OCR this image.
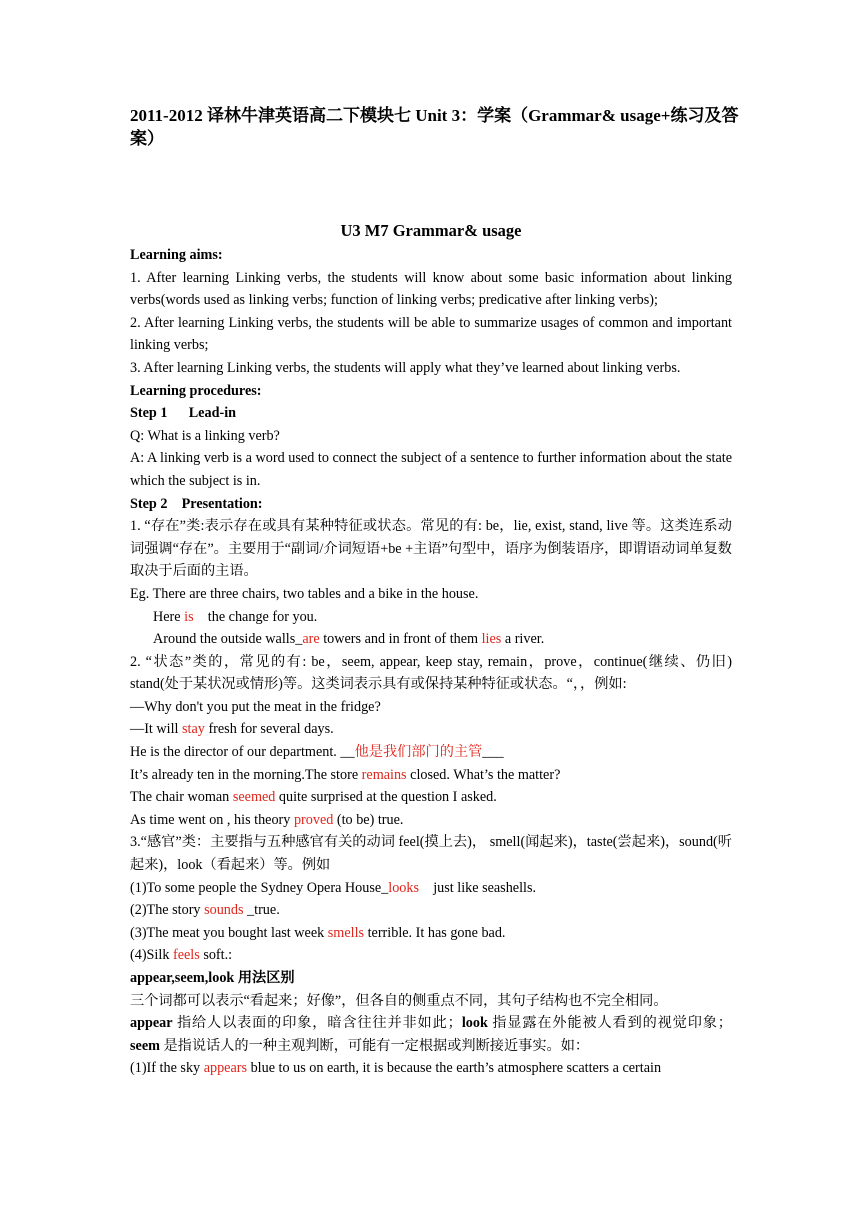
2011-2012 译林牛津英语高二下模块七 Unit 3：学案（Grammar& usage+练习及答案）

U3 M7 Grammar& usage

Learning aims:

1. After learning Linking verbs, the students will know about some basic information about linking verbs(words used as linking verbs; function of linking verbs; predicative after linking verbs);

2. After learning Linking verbs, the students will be able to summarize usages of common and important linking verbs;

3. After learning Linking verbs, the students will apply what they’ve learned about linking verbs.

Learning procedures:

Step 1      Lead-in

Q: What is a linking verb?

A: A linking verb is a word used to connect the subject of a sentence to further information about the state which the subject is in.

Step 2    Presentation:

1. “存在”类:表示存在或具有某种特征或状态。常见的有: be，lie, exist, stand, live 等。这类连系动词强调“存在”。主要用于“副词/介词短语+be +主语”句型中，语序为倒装语序，即谓语动词单复数取决于后面的主语。

Eg. There are three chairs, two tables and a bike in the house.

Here is    the change for you.

Around the outside walls_are towers and in front of them lies a river.

2. “状态”类的，常见的有: be，seem, appear, keep stay, remain，prove，continue(继续、仍旧) stand(处于某状况或情形)等。这类词表示具有或保持某种特征或状态。“，，例如:

—Why don't you put the meat in the fridge?

—It will stay fresh for several days.

He is the director of our department. __他是我们部门的主管___

It’s already ten in the morning.The store remains closed. What’s the matter?

The chair woman seemed quite surprised at the question I asked.

As time went on , his theory proved (to be) true.

3.“感官”类：主要指与五种感官有关的动词 feel(摸上去)， smell(闻起来)，taste(尝起来)，sound(听起来)，look（看起来）等。例如

(1)To some people the Sydney Opera House_looks    just like seashells.

(2)The story sounds _true.

(3)The meat you bought last week smells terrible. It has gone bad.

(4)Silk feels soft.:

appear,seem,look 用法区别

三个词都可以表示“看起来；好像”，但各自的侧重点不同，其句子结构也不完全相同。

appear 指给人以表面的印象，暗含往往并非如此；look 指显露在外能被人看到的视觉印象；seem 是指说话人的一种主观判断，可能有一定根据或判断接近事实。如：

(1)If the sky appears blue to us on earth, it is because the earth’s atmosphere scatters a certain
